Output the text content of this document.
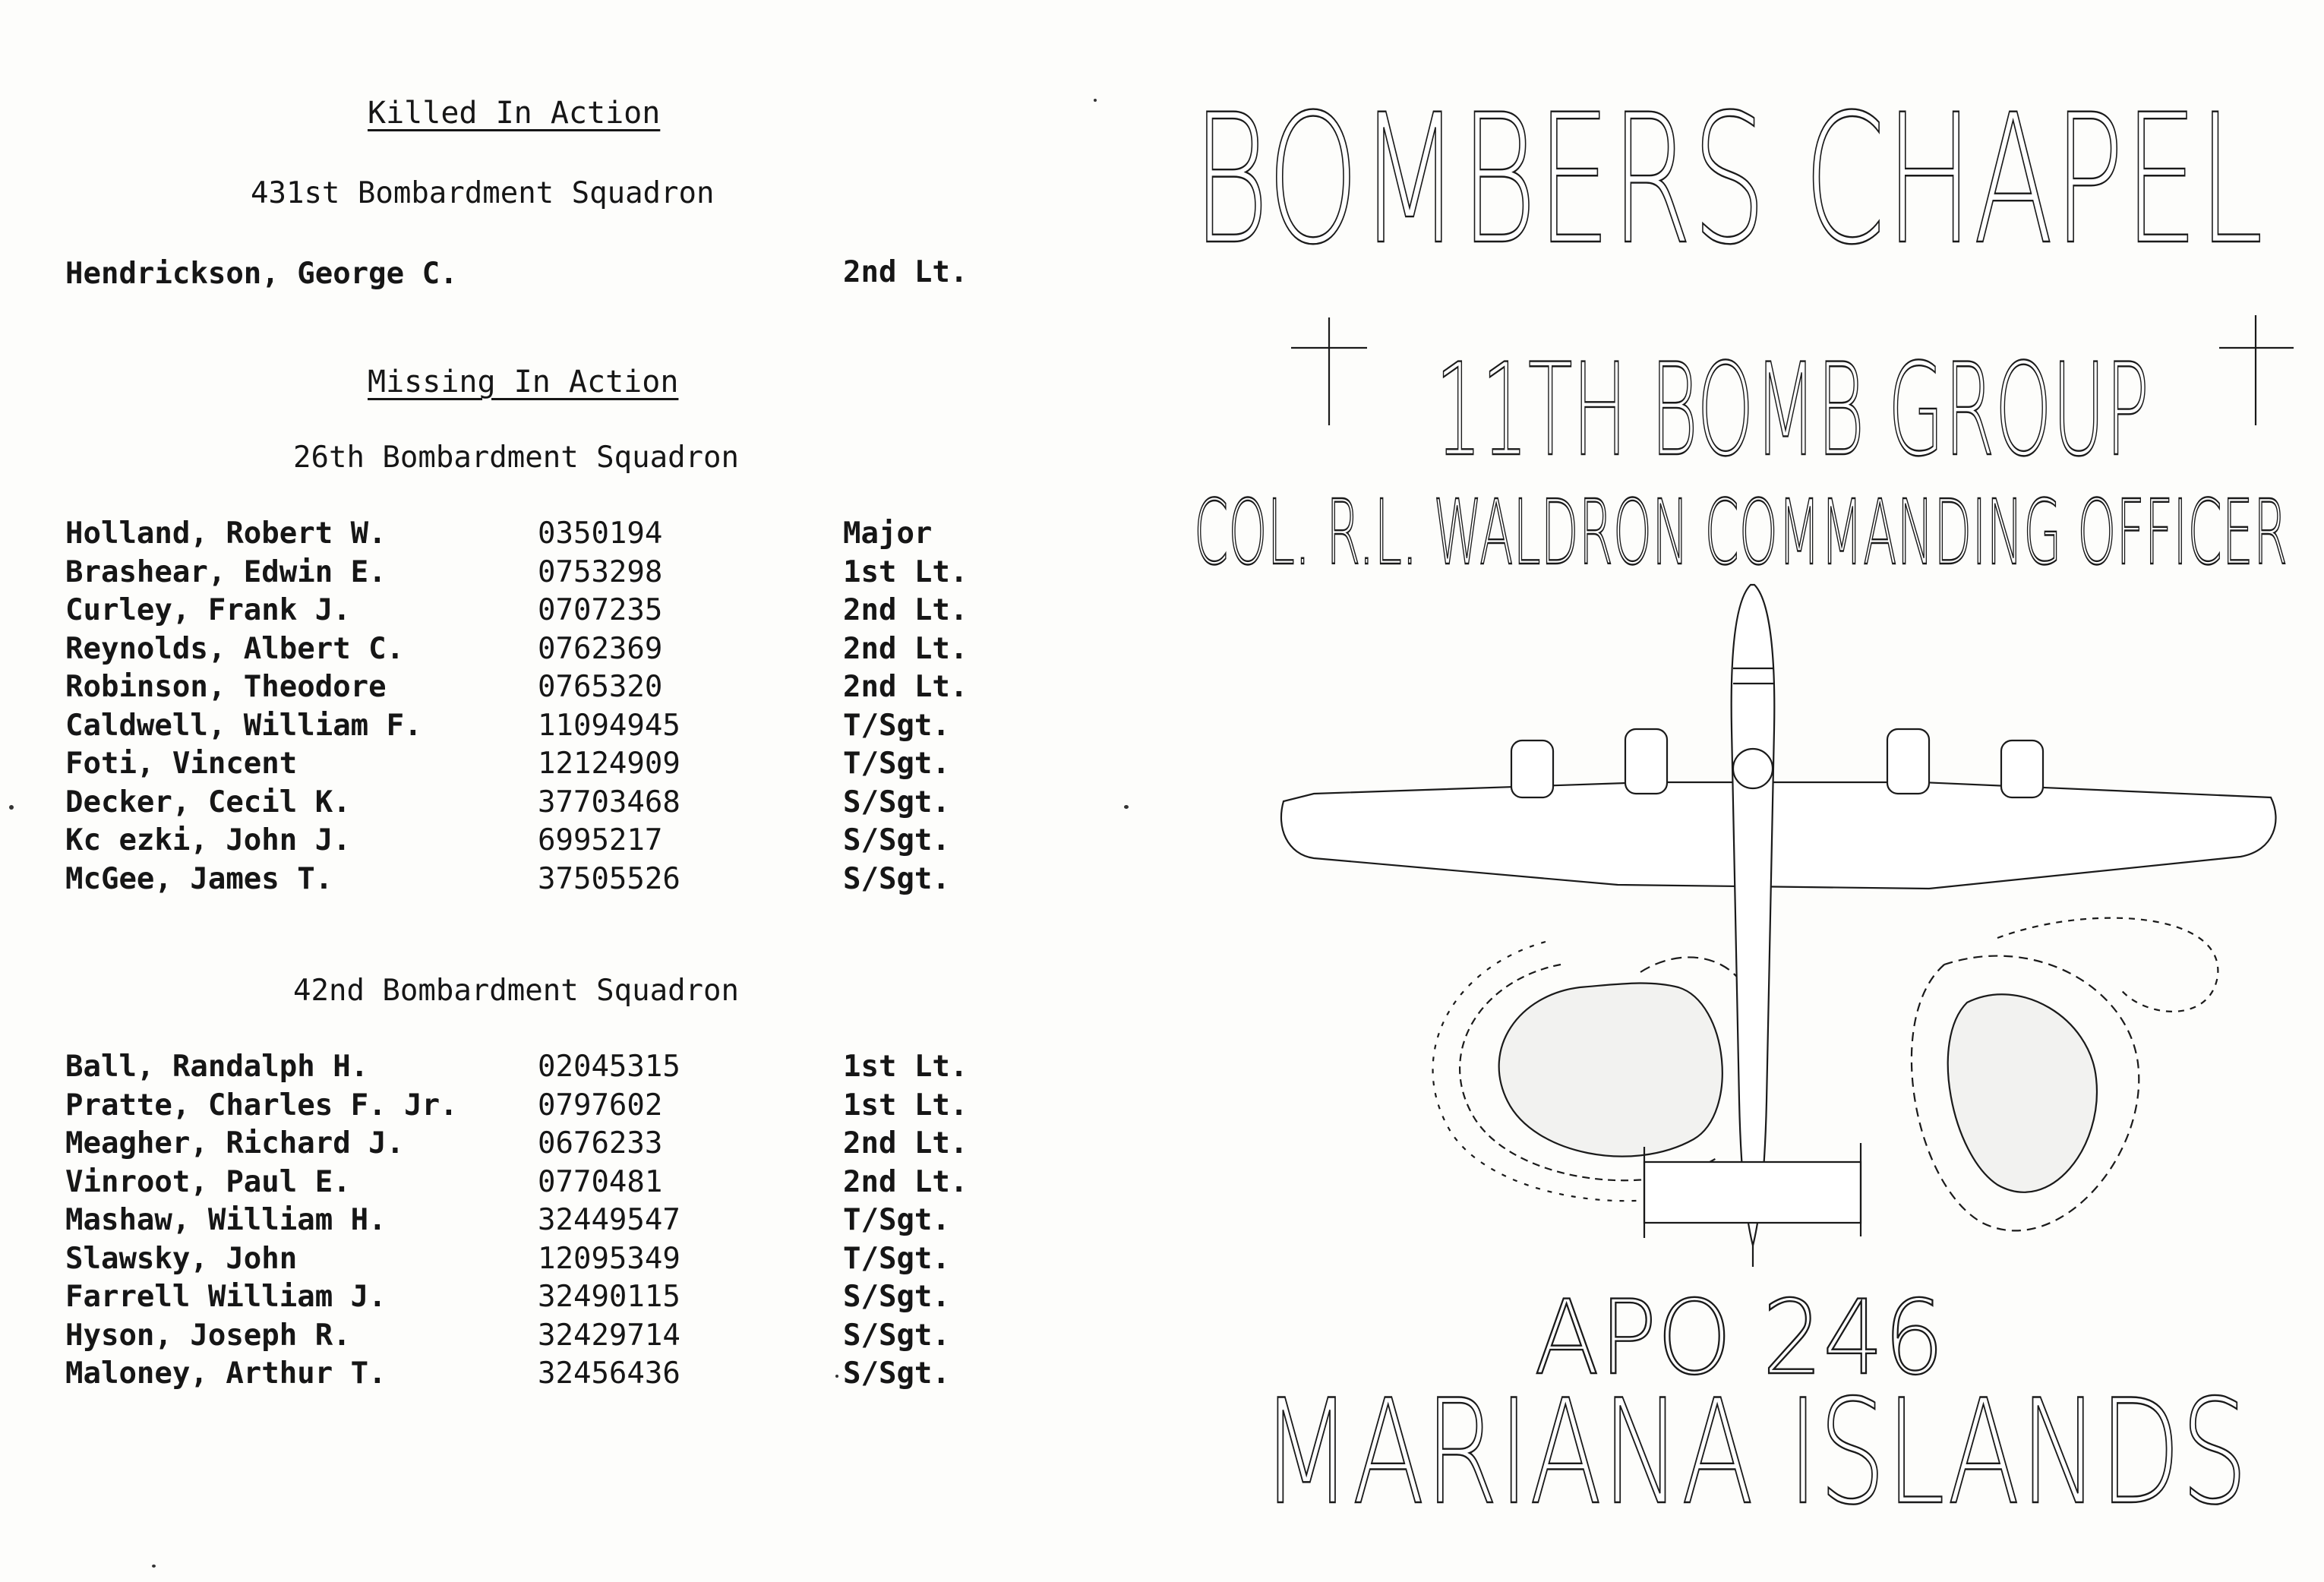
Killed In Action
431st Bombardment Squadron
Hendrickson, George C.	2nd Lt.
Missing In Action
26th Bombardment Squadron
Holland, Robert W.	0350194	Major
Brashear, Edwin E.	0753298	1st Lt.
Curley, Frank J.	0707235	2nd Lt.
Reynolds, Albert C.	0762369	2nd Lt.
Robinson, Theodore	0765320	2nd Lt.
Caldwell, William F.	11094945	T/Sgt.
Foti, Vincent	12124909	T/Sgt.
Decker, Cecil K.	37703468	S/Sgt.
Kc ezki, John J.	6995217	S/Sgt.
McGee, James T.	37505526	S/Sgt.
42nd Bombardment Squadron
Ball, Randalph H.	02045315	1st Lt.
Pratte, Charles F. Jr.	0797602	1st Lt.
Meagher, Richard J.	0676233	2nd Lt.
Vinroot, Paul E.	0770481	2nd Lt.
Mashaw, William H.	32449547	T/Sgt.
Slawsky, John	12095349	T/Sgt.
Farrell William J.	32490115	S/Sgt.
Hyson, Joseph R.	32429714	S/Sgt.
Maloney, Arthur T.	32456436	S/Sgt.
BOMBERS CHAPEL
11TH BOMB GROUP
COL. R.L. WALDRON COMMANDING OFFICER
APO 246
MARIANA ISLANDS
